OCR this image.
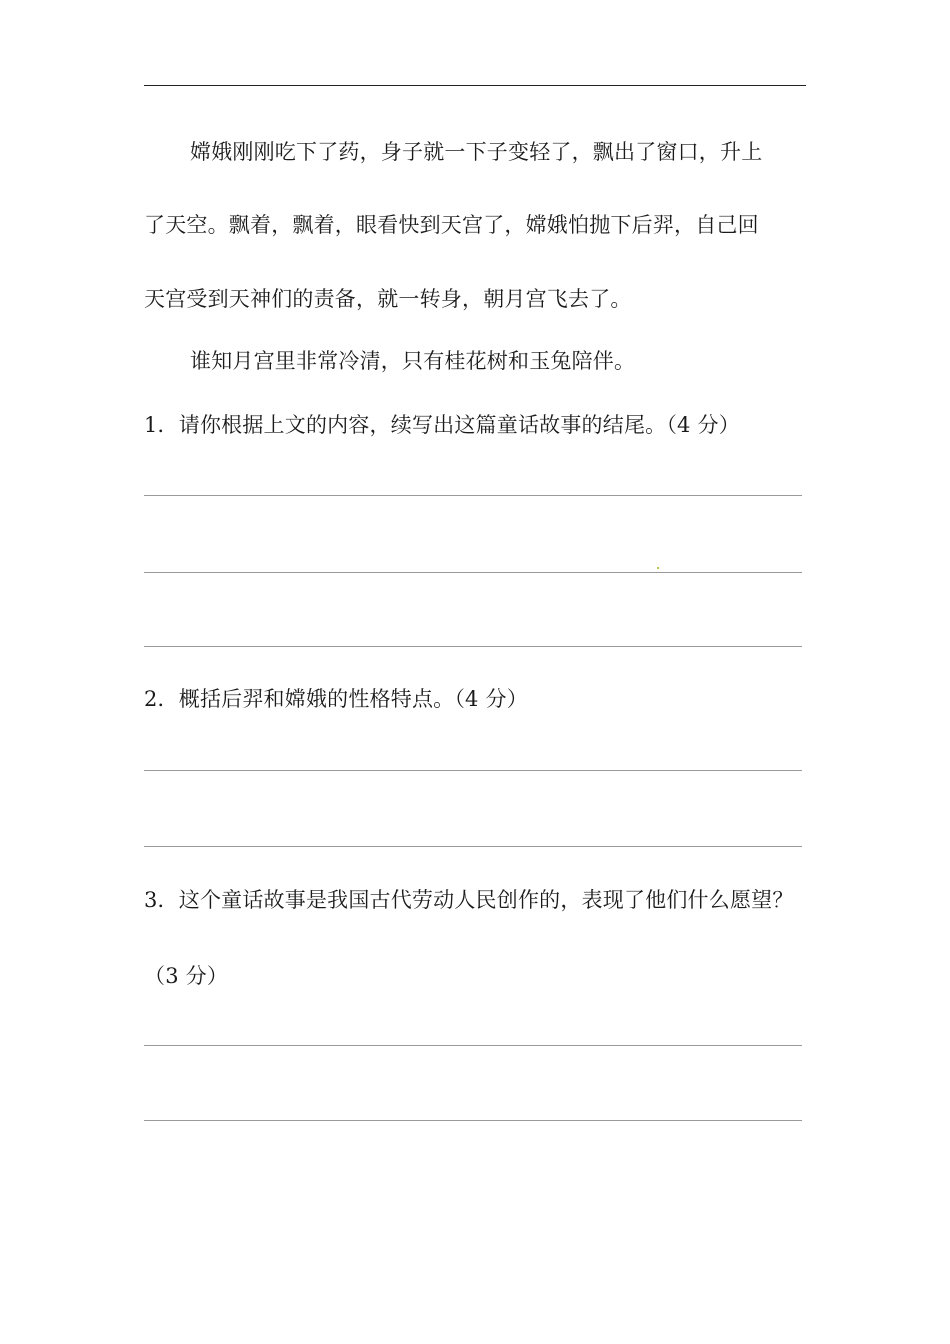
嫦娥刚刚吃下了药，身子就一下子变轻了，飘出了窗口，升上
了天空。飘着，飘着，眼看快到天宫了，嫦娥怕抛下后羿，自己回
天宫受到天神们的责备，就一转身，朝月宫飞去了。
谁知月宫里非常冷清，只有桂花树和玉兔陪伴。
1．请你根据上文的内容，续写出这篇童话故事的结尾。（4 分）
2．概括后羿和嫦娥的性格特点。（4 分）
3．这个童话故事是我国古代劳动人民创作的，表现了他们什么愿望？
（3 分）
